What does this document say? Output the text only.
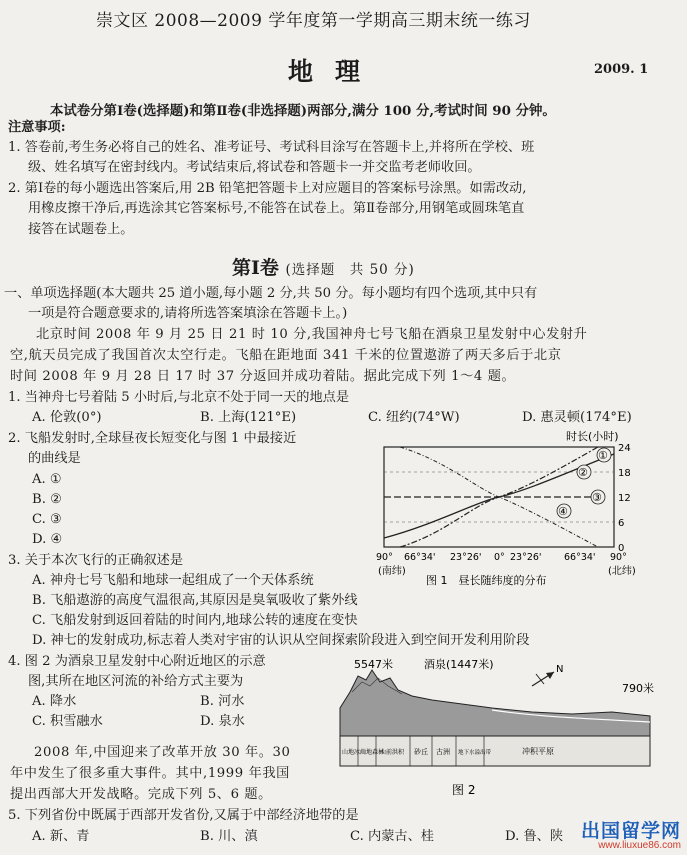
崇文区 2008—2009 学年度第一学期高三期末统一练习
地理	2009. 1
本试卷分第Ⅰ卷(选择题)和第Ⅱ卷(非选择题)两部分,满分 100 分,考试时间 90 分钟。
注意事项:
1. 答卷前,考生务必将自己的姓名、准考证号、考试科目涂写在答题卡上,并将所在学校、班
级、姓名填写在密封线内。考试结束后,将试卷和答题卡一并交监考老师收回。
2. 第Ⅰ卷的每小题选出答案后,用 2B 铅笔把答题卡上对应题目的答案标号涂黑。如需改动,
用橡皮擦干净后,再选涂其它答案标号,不能答在试卷上。第Ⅱ卷部分,用钢笔或圆珠笔直
接答在试题卷上。
第Ⅰ卷 (选择题　共 50 分)
一、单项选择题(本大题共 25 道小题,每小题 2 分,共 50 分。每小题均有四个选项,其中只有
一项是符合题意要求的,请将所选答案填涂在答题卡上。)
北京时间 2008 年 9 月 25 日 21 时 10 分,我国神舟七号飞船在酒泉卫星发射中心发射升
空,航天员完成了我国首次太空行走。飞船在距地面 341 千米的位置遨游了两天多后于北京
时间 2008 年 9 月 28 日 17 时 37 分返回并成功着陆。据此完成下列 1～4 题。
1. 当神舟七号着陆 5 小时后,与北京不处于同一天的地点是
A. 伦敦(0°)	B. 上海(121°E)	C. 纽约(74°W)	D. 惠灵顿(174°E)
2. 飞船发射时,全球昼夜长短变化与图 1 中最接近
的曲线是
A. ①
B. ②
C. ③
D. ④
时长(小时)
①
②
③
④
24
18
12
6
0
90° 66°34' 23°26' 0° 23°26' 66°34' 90°
(南纬)	(北纬)
图 1　昼长随纬度的分布
3. 关于本次飞行的正确叙述是
A. 神舟七号飞船和地球一起组成了一个天体系统
B. 飞船遨游的高度气温很高,其原因是臭氧吸收了紫外线
C. 飞船发射到返回着陆的时间内,地球公转的速度在变快
D. 神七的发射成功,标志着人类对宇宙的认识从空间探索阶段进入到空间开发利用阶段
4. 图 2 为酒泉卫星发射中心附近地区的示意
图,其所在地区河流的补给方式主要为
A. 降水	B. 河水
C. 积雪融水	D. 泉水
5547米	酒泉(1447米)	N
790米
山地冰川
山地森林
山前洪积 砂丘 古洲 地下水溢出带	冲积平原
图 2
2008 年,中国迎来了改革开放 30 年。30
年中发生了很多重大事件。其中,1999 年我国
提出西部大开发战略。完成下列 5、6 题。
5. 下列省份中既属于西部开发省份,又属于中部经济地带的是
A. 新、青	B. 川、滇	C. 内蒙古、桂	D. 鲁、陕 出国留学网
www.liuxue86.com
